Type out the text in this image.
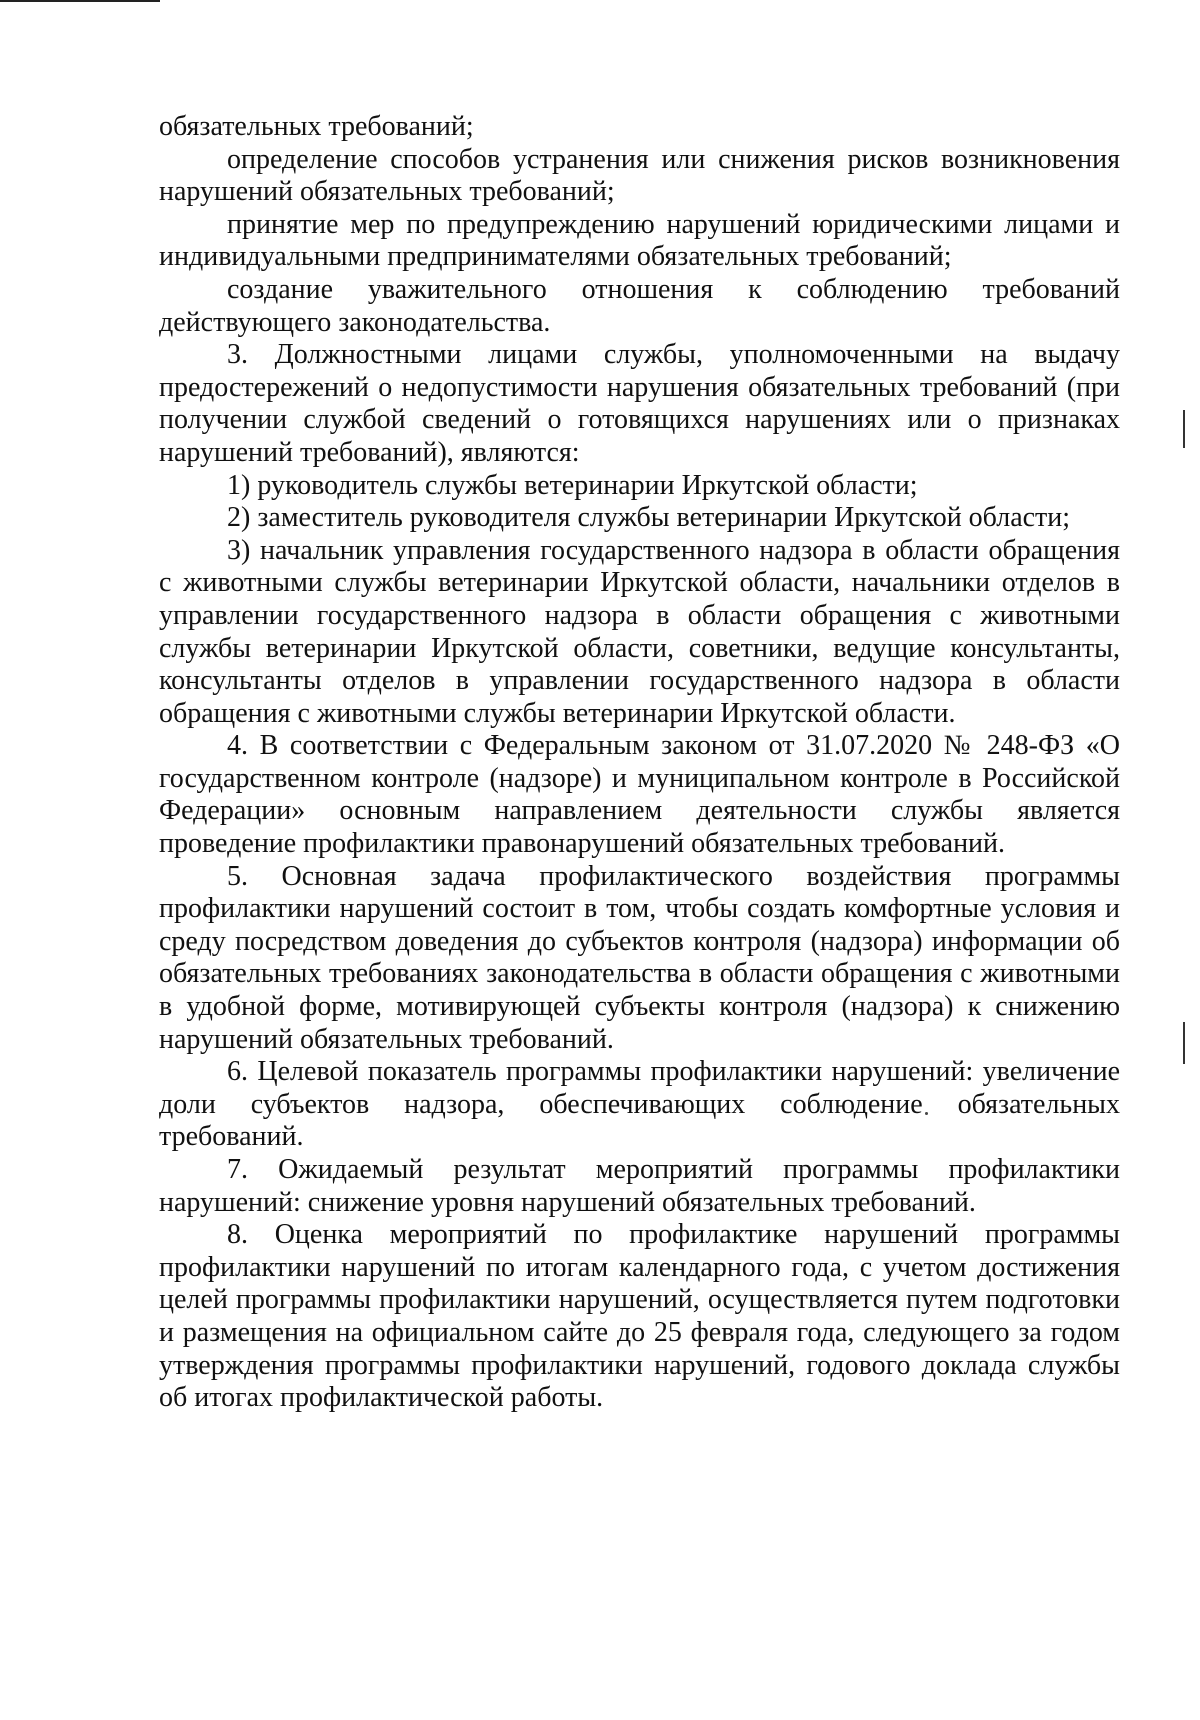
обязательных требований;

определение способов устранения или снижения рисков возникновения нарушений обязательных требований;

принятие мер по предупреждению нарушений юридическими лицами и индивидуальными предпринимателями обязательных требований;

создание уважительного отношения к соблюдению требований действующего законодательства.

3. Должностными лицами службы, уполномоченными на выдачу предостережений о недопустимости нарушения обязательных требований (при получении службой сведений о готовящихся нарушениях или о признаках нарушений требований), являются:

1) руководитель службы ветеринарии Иркутской области;

2) заместитель руководителя службы ветеринарии Иркутской области;

3) начальник управления государственного надзора в области обращения с животными службы ветеринарии Иркутской области, начальники отделов в управлении государственного надзора в области обращения с животными службы ветеринарии Иркутской области, советники, ведущие консультанты, консультанты отделов в управлении государственного надзора в области обращения с животными службы ветеринарии Иркутской области.

4. В соответствии с Федеральным законом от 31.07.2020 № 248-ФЗ «О государственном контроле (надзоре) и муниципальном контроле в Российской Федерации» основным направлением деятельности службы является проведение профилактики правонарушений обязательных требований.

5. Основная задача профилактического воздействия программы профилактики нарушений состоит в том, чтобы создать комфортные условия и среду посредством доведения до субъектов контроля (надзора) информации об обязательных требованиях законодательства в области обращения с животными в удобной форме, мотивирующей субъекты контроля (надзора) к снижению нарушений обязательных требований.

6. Целевой показатель программы профилактики нарушений: увеличение доли субъектов надзора, обеспечивающих соблюдение обязательных требований.

7. Ожидаемый результат мероприятий программы профилактики нарушений: снижение уровня нарушений обязательных требований.

8. Оценка мероприятий по профилактике нарушений программы профилактики нарушений по итогам календарного года, с учетом достижения целей программы профилактики нарушений, осуществляется путем подготовки и размещения на официальном сайте до 25 февраля года, следующего за годом утверждения программы профилактики нарушений, годового доклада службы об итогах профилактической работы.
